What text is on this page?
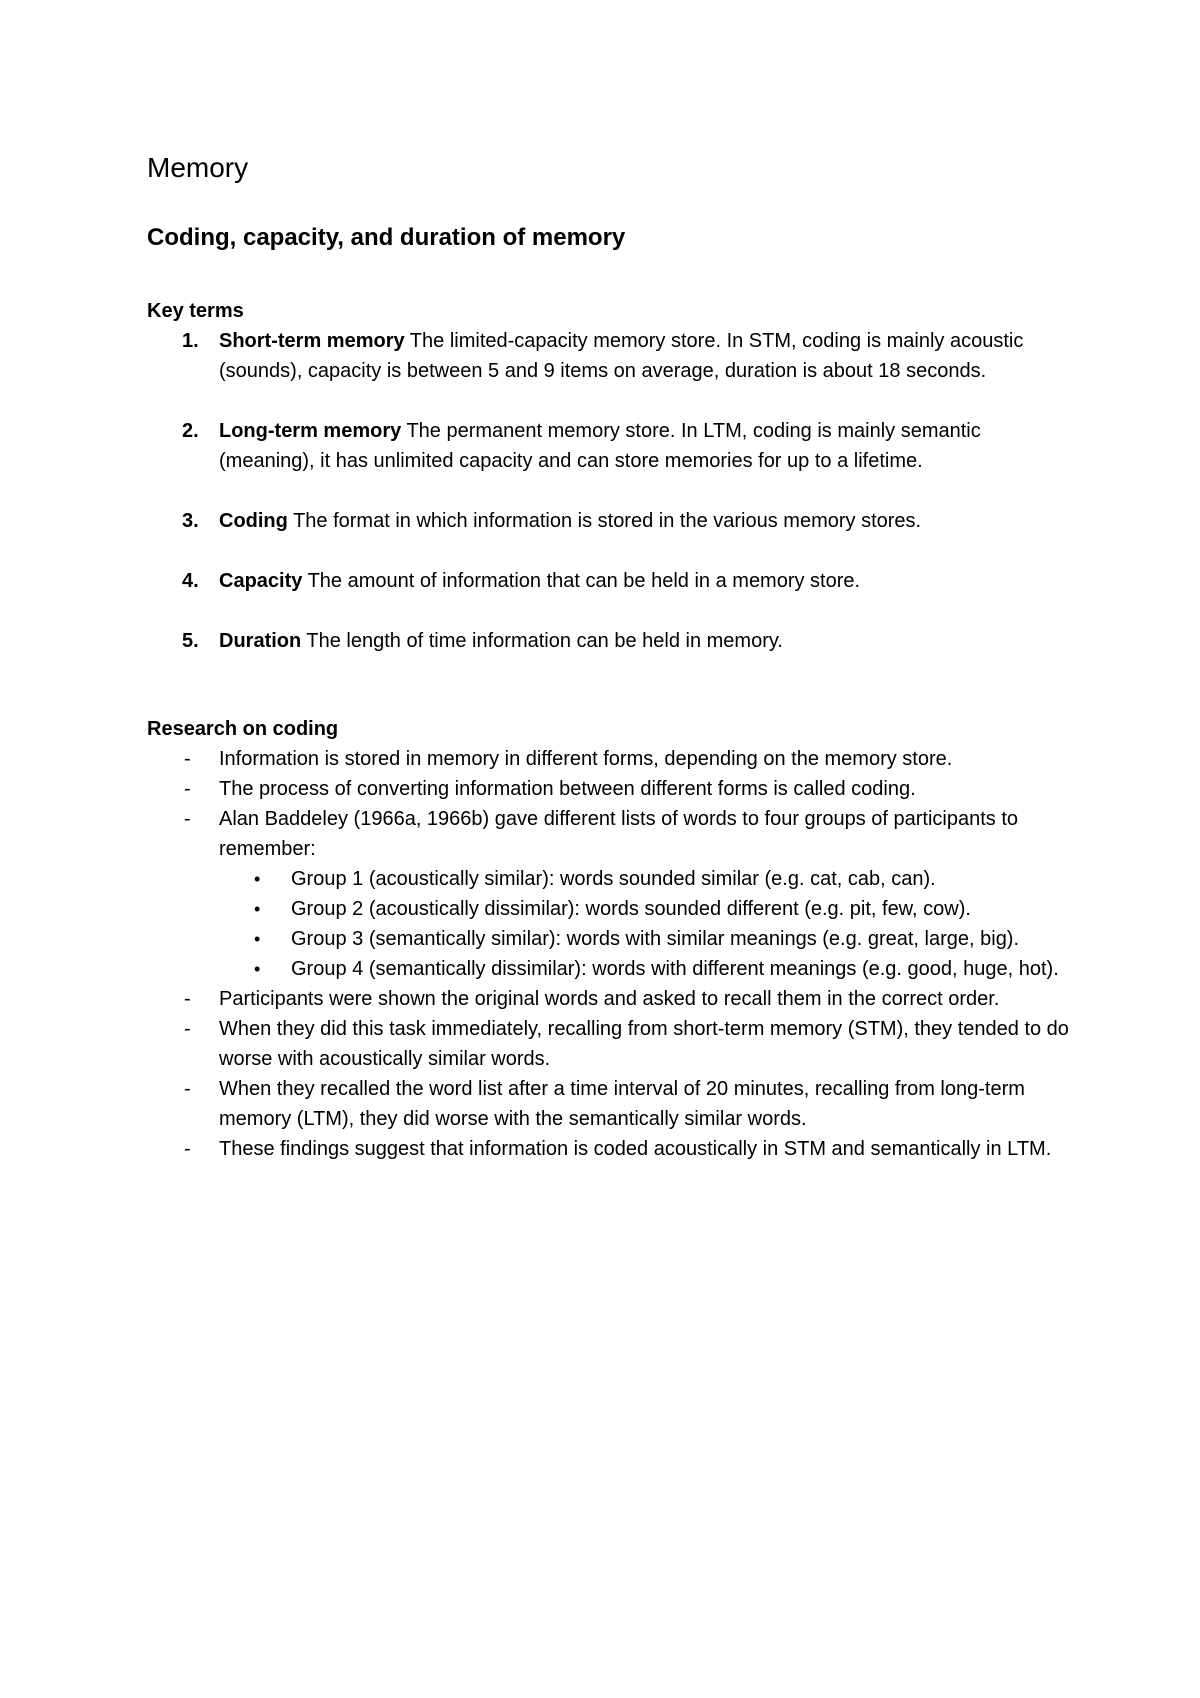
Memory
Coding, capacity, and duration of memory

Key terms

1. Short-term memory The limited-capacity memory store. In STM, coding is mainly acoustic (sounds), capacity is between 5 and 9 items on average, duration is about 18 seconds.
2. Long-term memory The permanent memory store. In LTM, coding is mainly semantic (meaning), it has unlimited capacity and can store memories for up to a lifetime.
3. Coding The format in which information is stored in the various memory stores.
4. Capacity The amount of information that can be held in a memory store.
5. Duration The length of time information can be held in memory.

Research on coding

- Information is stored in memory in different forms, depending on the memory store.
- The process of converting information between different forms is called coding.
- Alan Baddeley (1966a, 1966b) gave different lists of words to four groups of participants to remember:
• Group 1 (acoustically similar): words sounded similar (e.g. cat, cab, can).
• Group 2 (acoustically dissimilar): words sounded different (e.g. pit, few, cow).
• Group 3 (semantically similar): words with similar meanings (e.g. great, large, big).
• Group 4 (semantically dissimilar): words with different meanings (e.g. good, huge, hot).
- Participants were shown the original words and asked to recall them in the correct order.
- When they did this task immediately, recalling from short-term memory (STM), they tended to do worse with acoustically similar words.
- When they recalled the word list after a time interval of 20 minutes, recalling from long-term memory (LTM), they did worse with the semantically similar words.
- These findings suggest that information is coded acoustically in STM and semantically in LTM.
